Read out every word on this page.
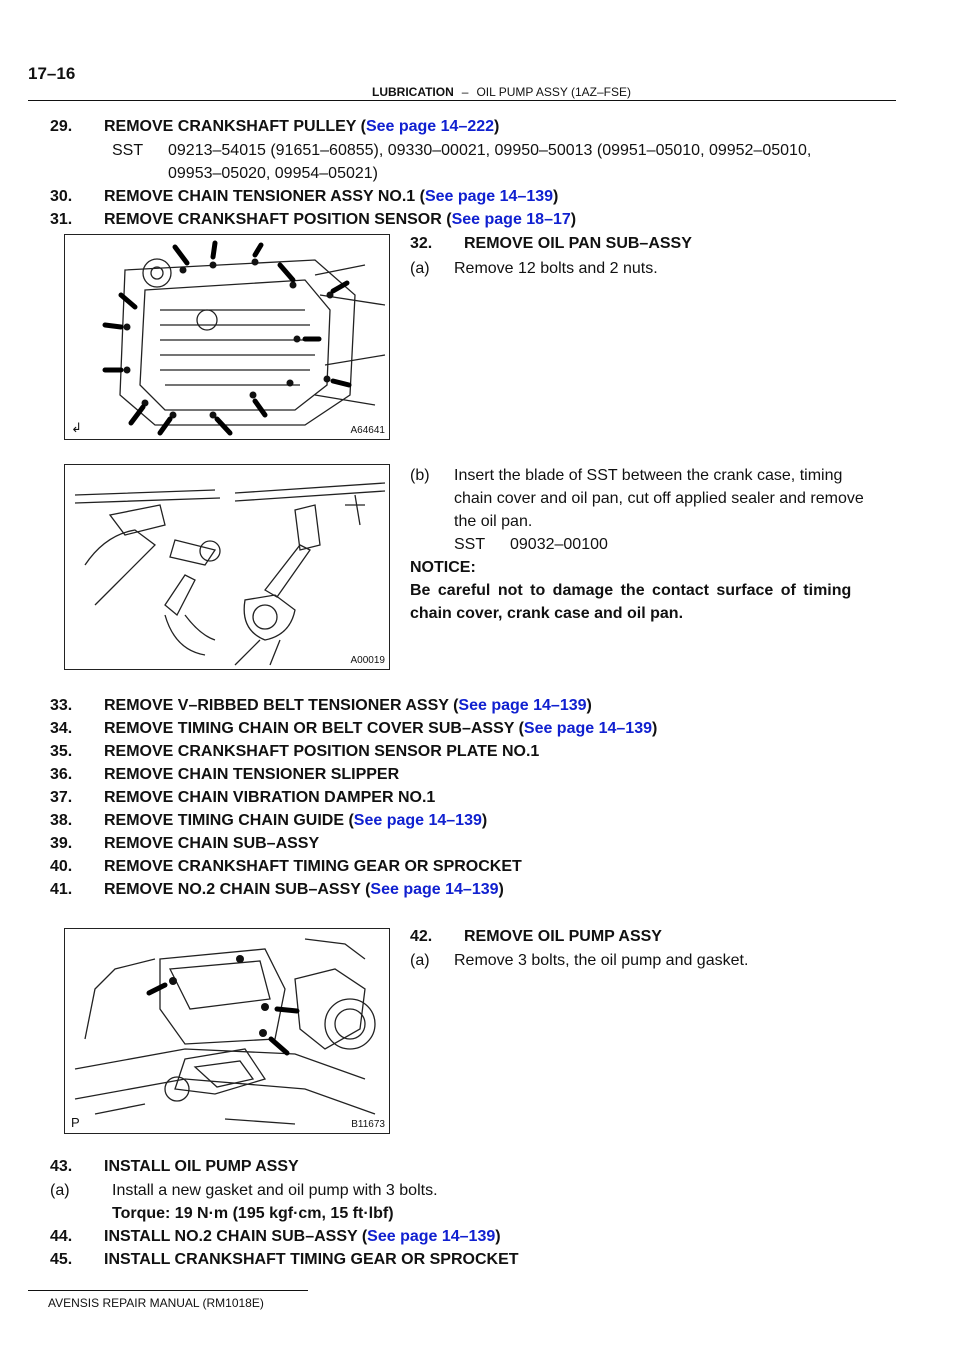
17–16
LUBRICATION – OIL PUMP ASSY (1AZ–FSE)
29. REMOVE CRANKSHAFT PULLEY (See page 14–222)
SST 09213–54015 (91651–60855), 09330–00021, 09950–50013 (09951–05010, 09952–05010,
09953–05020, 09954–05021)
30. REMOVE CHAIN TENSIONER ASSY NO.1 (See page 14–139)
31. REMOVE CRANKSHAFT POSITION SENSOR (See page 18–17)
↲	A64641
32. REMOVE OIL PAN SUB–ASSY
(a) Remove 12 bolts and 2 nuts.
A00019
(b) Insert the blade of SST between the crank case, timing
chain cover and oil pan, cut off applied sealer and remove
the oil pan.
SST 09032–00100
NOTICE:
Be careful not to damage the contact surface of timing
chain cover, crank case and oil pan.
33. REMOVE V–RIBBED BELT TENSIONER ASSY (See page 14–139)
34. REMOVE TIMING CHAIN OR BELT COVER SUB–ASSY (See page 14–139)
35. REMOVE CRANKSHAFT POSITION SENSOR PLATE NO.1
36. REMOVE CHAIN TENSIONER SLIPPER
37. REMOVE CHAIN VIBRATION DAMPER NO.1
38. REMOVE TIMING CHAIN GUIDE (See page 14–139)
39. REMOVE CHAIN SUB–ASSY
40. REMOVE CRANKSHAFT TIMING GEAR OR SPROCKET
41. REMOVE NO.2 CHAIN SUB–ASSY (See page 14–139)
P	B11673
42. REMOVE OIL PUMP ASSY
(a) Remove 3 bolts, the oil pump and gasket.
43. INSTALL OIL PUMP ASSY
(a)	Install a new gasket and oil pump with 3 bolts.
Torque: 19 N·m (195 kgf·cm, 15 ft·lbf)
44. INSTALL NO.2 CHAIN SUB–ASSY (See page 14–139)
45. INSTALL CRANKSHAFT TIMING GEAR OR SPROCKET
AVENSIS REPAIR MANUAL (RM1018E)
